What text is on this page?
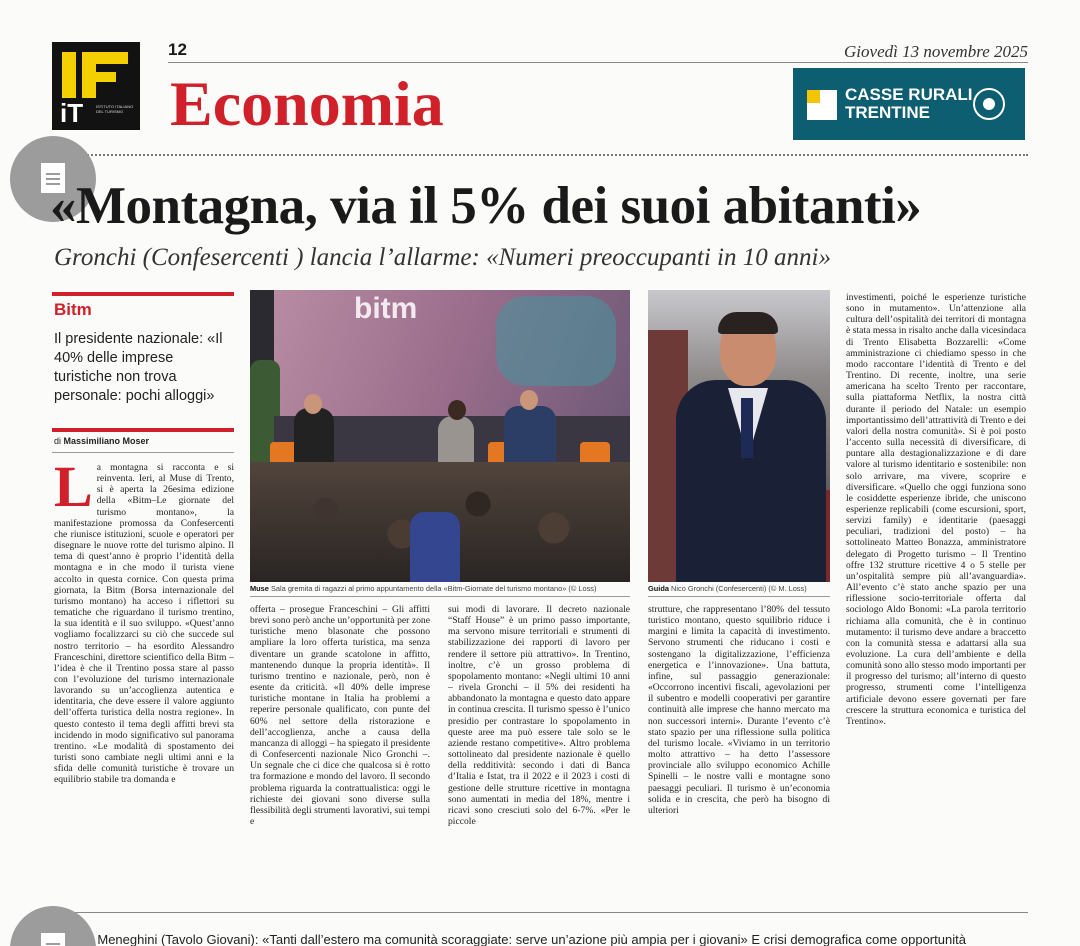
iT	ISTITUTO ITALIANO DEL TURISMO
12	Giovedì 13 novembre 2025
Economia	CASSE RURALI
TRENTINE
«Montagna, via il 5% dei suoi abitanti»
Gronchi (Confesercenti ) lancia l’allarme: «Numeri preoccupanti in 10 anni»
Bitm
Il presidente nazionale: «Il 40% delle imprese turistiche non trova personale: pochi alloggi»
di Massimiliano Moser
La montagna si racconta e si reinventa. Ieri, al Muse di Trento, si è aperta la 26esima edizione della «Bitm–Le giornate del turismo montano», la manifestazione promossa da Confesercenti che riunisce istituzioni, scuole e operatori per disegnare le nuove rotte del turismo alpino. Il tema di quest’anno è proprio l’identità della montagna e in che modo il turista viene accolto in questa cornice. Con questa prima giornata, la Bitm (Borsa internazionale del turismo montano) ha acceso i riflettori su tematiche che riguardano il turismo trentino, la sua identità e il suo sviluppo. «Quest’anno vogliamo focalizzarci su ciò che succede sul nostro territorio – ha esordito Alessandro Franceschini, direttore scientifico della Bitm – l’idea è che il Trentino possa stare al passo con l’evoluzione del turismo internazionale lavorando su un’accoglienza autentica e identitaria, che deve essere il valore aggiunto dell’offerta turistica della nostra regione». In questo contesto il tema degli affitti brevi sta incidendo in modo significativo sul panorama trentino. «Le modalità di spostamento dei turisti sono cambiate negli ultimi anni e la sfida delle comunità turistiche è trovare un equilibrio stabile tra domanda e
bitm
Muse Sala gremita di ragazzi al primo appuntamento della «Bitm-Giornate del turismo montano» (© Loss)	Guida Nico Gronchi (Confesercenti) (© M. Loss)
offerta – prosegue Franceschini – Gli affitti brevi sono però anche un’opportunità per zone turistiche meno blasonate che possono ampliare la loro offerta turistica, ma senza diventare un grande scatolone in affitto, mantenendo dunque la propria identità». Il turismo trentino e nazionale, però, non è esente da criticità. «Il 40% delle imprese turistiche montane in Italia ha problemi a reperire personale qualificato, con punte del 60% nel settore della ristorazione e dell’accoglienza, anche a causa della mancanza di alloggi – ha spiegato il presidente di Confesercenti nazionale Nico Gronchi –. Un segnale che ci dice che qualcosa si è rotto tra formazione e mondo del lavoro. Il secondo problema riguarda la contrattualistica: oggi le richieste dei giovani sono diverse sulla flessibilità degli strumenti lavorativi, sui tempi e
sui modi di lavorare. Il decreto nazionale “Staff House” è un primo passo importante, ma servono misure territoriali e strumenti di stabilizzazione dei rapporti di lavoro per rendere il settore più attrattivo». In Trentino, inoltre, c’è un grosso problema di spopolamento montano: «Negli ultimi 10 anni – rivela Gronchi – il 5% dei residenti ha abbandonato la montagna e questo dato appare in continua crescita. Il turismo spesso è l’unico presidio per contrastare lo spopolamento in queste aree ma può essere tale solo se le aziende restano competitive». Altro problema sottolineato dal presidente nazionale è quello della redditività: secondo i dati di Banca d’Italia e Istat, tra il 2022 e il 2023 i costi di gestione delle strutture ricettive in montagna sono aumentati in media del 18%, mentre i ricavi sono cresciuti solo del 6-7%. «Per le piccole
strutture, che rappresentano l’80% del tessuto turistico montano, questo squilibrio riduce i margini e limita la capacità di investimento. Servono strumenti che riducano i costi e sostengano la digitalizzazione, l’efficienza energetica e l’innovazione». Una battuta, infine, sul passaggio generazionale: «Occorrono incentivi fiscali, agevolazioni per il subentro e modelli cooperativi per garantire continuità alle imprese che hanno mercato ma non successori interni». Durante l’evento c’è stato spazio per una riflessione sulla politica del turismo locale. «Viviamo in un territorio molto attrattivo – ha detto l’assessore provinciale allo sviluppo economico Achille Spinelli – le nostre valli e montagne sono paesaggi peculiari. Il turismo è un’economia solida e in crescita, che però ha bisogno di ulteriori
investimenti, poiché le esperienze turistiche sono in mutamento». Un’attenzione alla cultura dell’ospitalità dei territori di montagna è stata messa in risalto anche dalla vicesindaca di Trento Elisabetta Bozzarelli: «Come amministrazione ci chiediamo spesso in che modo raccontare l’identità di Trento e del Trentino. Di recente, inoltre, una serie americana ha scelto Trento per raccontare, sulla piattaforma Netflix, la nostra città durante il periodo del Natale: un esempio importantissimo dell’attrattività di Trento e dei valori della nostra comunità». Si è poi posto l’accento sulla necessità di diversificare, di puntare alla destagionalizzazione e di dare valore al turismo identitario e sostenibile: non solo arrivare, ma vivere, scoprire e diversificare. «Quello che oggi funziona sono le cosiddette esperienze ibride, che uniscono esperienze replicabili (come escursioni, sport, servizi family) e identitarie (paesaggi peculiari, tradizioni del posto) – ha sottolineato Matteo Bonazza, amministratore delegato di Progetto turismo – Il Trentino offre 132 strutture ricettive 4 o 5 stelle per un’ospitalità sempre più all’avanguardia». All’evento c’è stato anche spazio per una riflessione socio-territoriale offerta dal sociologo Aldo Bonomi: «La parola territorio richiama alla comunità, che è in continuo mutamento: il turismo deve andare a braccetto con la comunità stessa e adattarsi alla sua evoluzione. La cura dell’ambiente e della comunità sono allo stesso modo importanti per il progresso del turismo; all’interno di questo progresso, strumenti come l’intelligenza artificiale devono essere governati per fare crescere la struttura economica e turistica del Trentino».
Meneghini (Tavolo Giovani): «Tanti dall’estero ma comunità scoraggiate: serve un’azione più ampia per i giovani» E crisi demografica come opportunità
